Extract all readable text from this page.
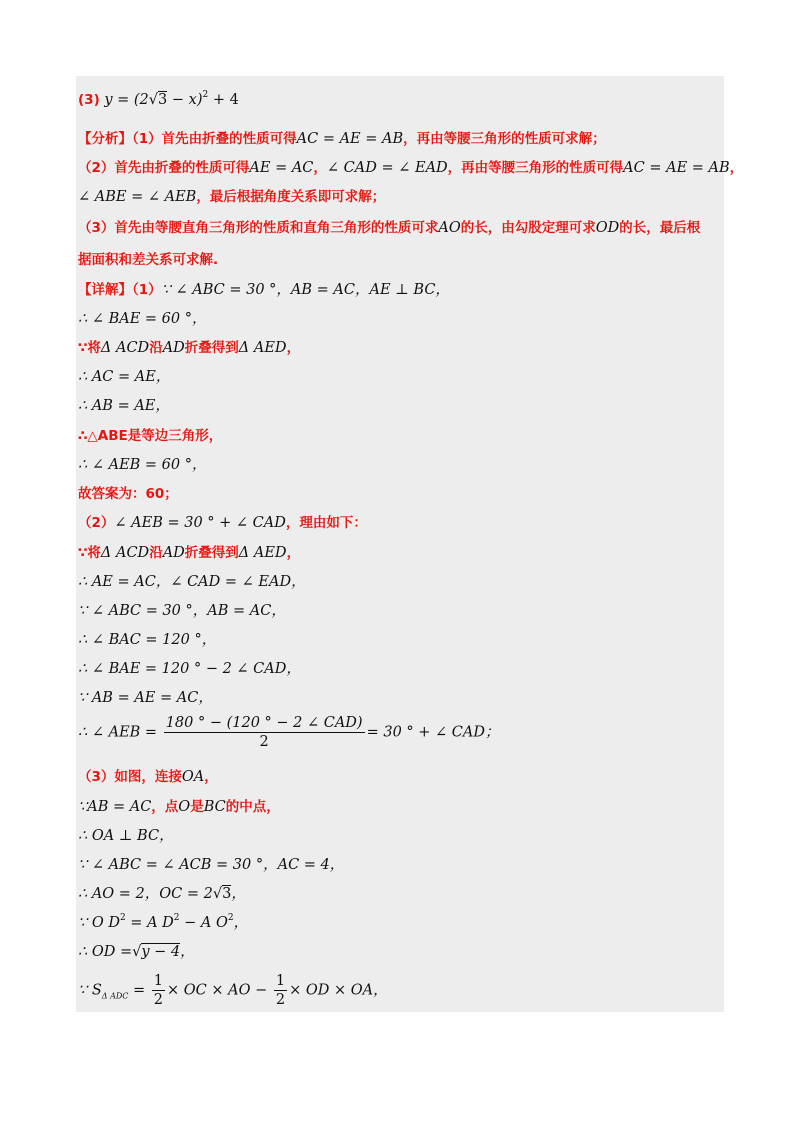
(3) $y = (2√3 - x)^2 + 4$
【分析】（1）首先由折叠的性质可得AC = AE = AB，再由等腰三角形的性质可求解；
（2）首先由折叠的性质可得AE = AC，∠ CAD = ∠ EAD，再由等腰三角形的性质可得AC = AE = AB，
∠ ABE = ∠ AEB，最后根据角度关系即可求解；
（3）首先由等腰直角三角形的性质和直角三角形的性质可求AO的长，由勾股定理可求OD的长，最后根
据面积和差关系可求解.
【详解】（1）∵ ∠ ABC = 30 °，AB = AC，AE ⊥ BC，
∴ ∠ BAE = 60 °，
∵将Δ ACD沿AD折叠得到Δ AED，
∴ AC = AE，
∴ AB = AE，
∴△ABE是等边三角形，
∴ ∠ AEB = 60 °，
故答案为：60；
（2）∠ AEB = 30 ° + ∠ CAD，理由如下：
∵将Δ ACD沿AD折叠得到Δ AED，
∴ AE = AC，∠ CAD = ∠ EAD，
∵ ∠ ABC = 30 °，AB = AC，
∴ ∠ BAC = 120 °，
∴ ∠ BAE = 120 ° − 2 ∠ CAD，
∵ AB = AE = AC，
∴ ∠ AEB = $\frac{\text{180 ° − (120 ° − 2 ∠ CAD)}}{2} = 30$ ° + ∠ CAD；
（3）如图，连接OA，
∵AB = AC，点O是BC的中点，
∴ OA ⊥ BC，
∵ ∠ ABC = ∠ ACB = 30 °，AC = 4，
∴ AO = 2，OC = 2√3，
∵ O $D^2 = A$ $D^2 - A$ $O^2$，
∴ OD =√y − 4，
∵ $S_{\Delta ADC} = \frac{1}{2}$ × OC × AO − $\frac{1}{2}$ × OD × OA，
